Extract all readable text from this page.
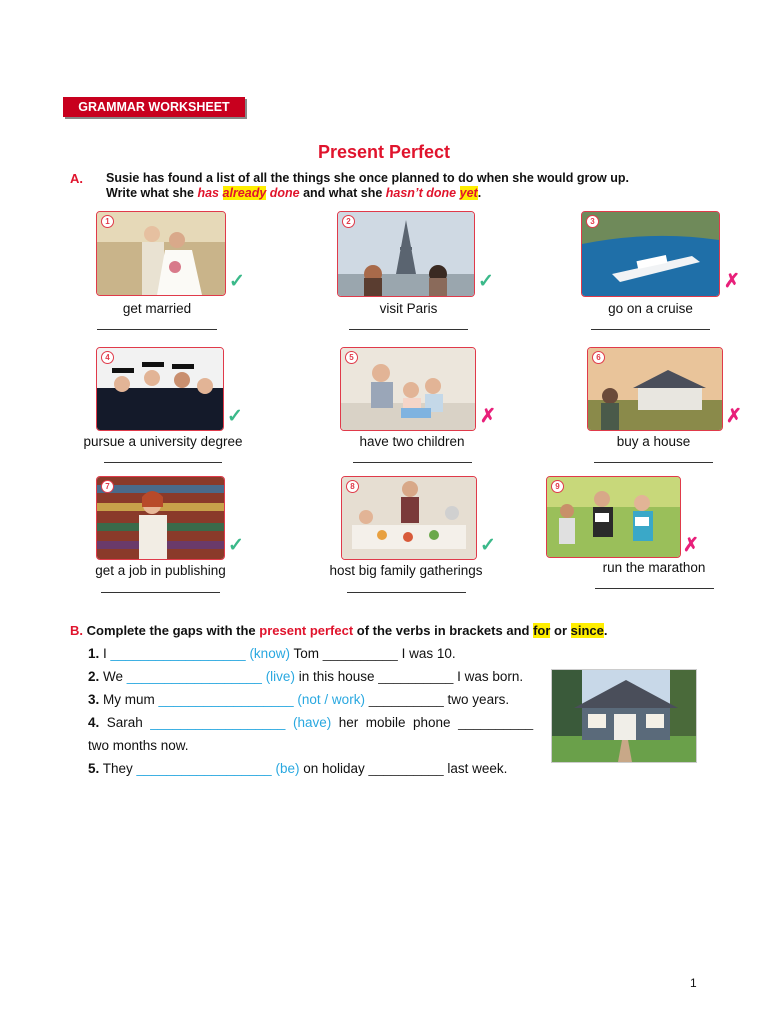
GRAMMAR WORKSHEET
Present Perfect
A. Susie has found a list of all the things she once planned to do when she would grow up.
Write what she has already done and what she hasn’t done yet.
1
✓
get married
2
✓
visit Paris
3
✗
go on a cruise
4
✓
pursue a university degree
5
✗
have two children
6
✗
buy a house
7
✓
get a job in publishing
8
✓
host big family gatherings
9
✗
run the marathon
B. Complete the gaps with the present perfect of the verbs in brackets and for or since.
1. I __________________ (know) Tom __________ I was 10.
2. We __________________ (live) in this house __________ I was born.
3. My mum __________________ (not / work) __________ two years.
4.  Sarah  __________________  (have)  her  mobile  phone  __________
two months now.
5. They __________________ (be) on holiday __________ last week.
1
